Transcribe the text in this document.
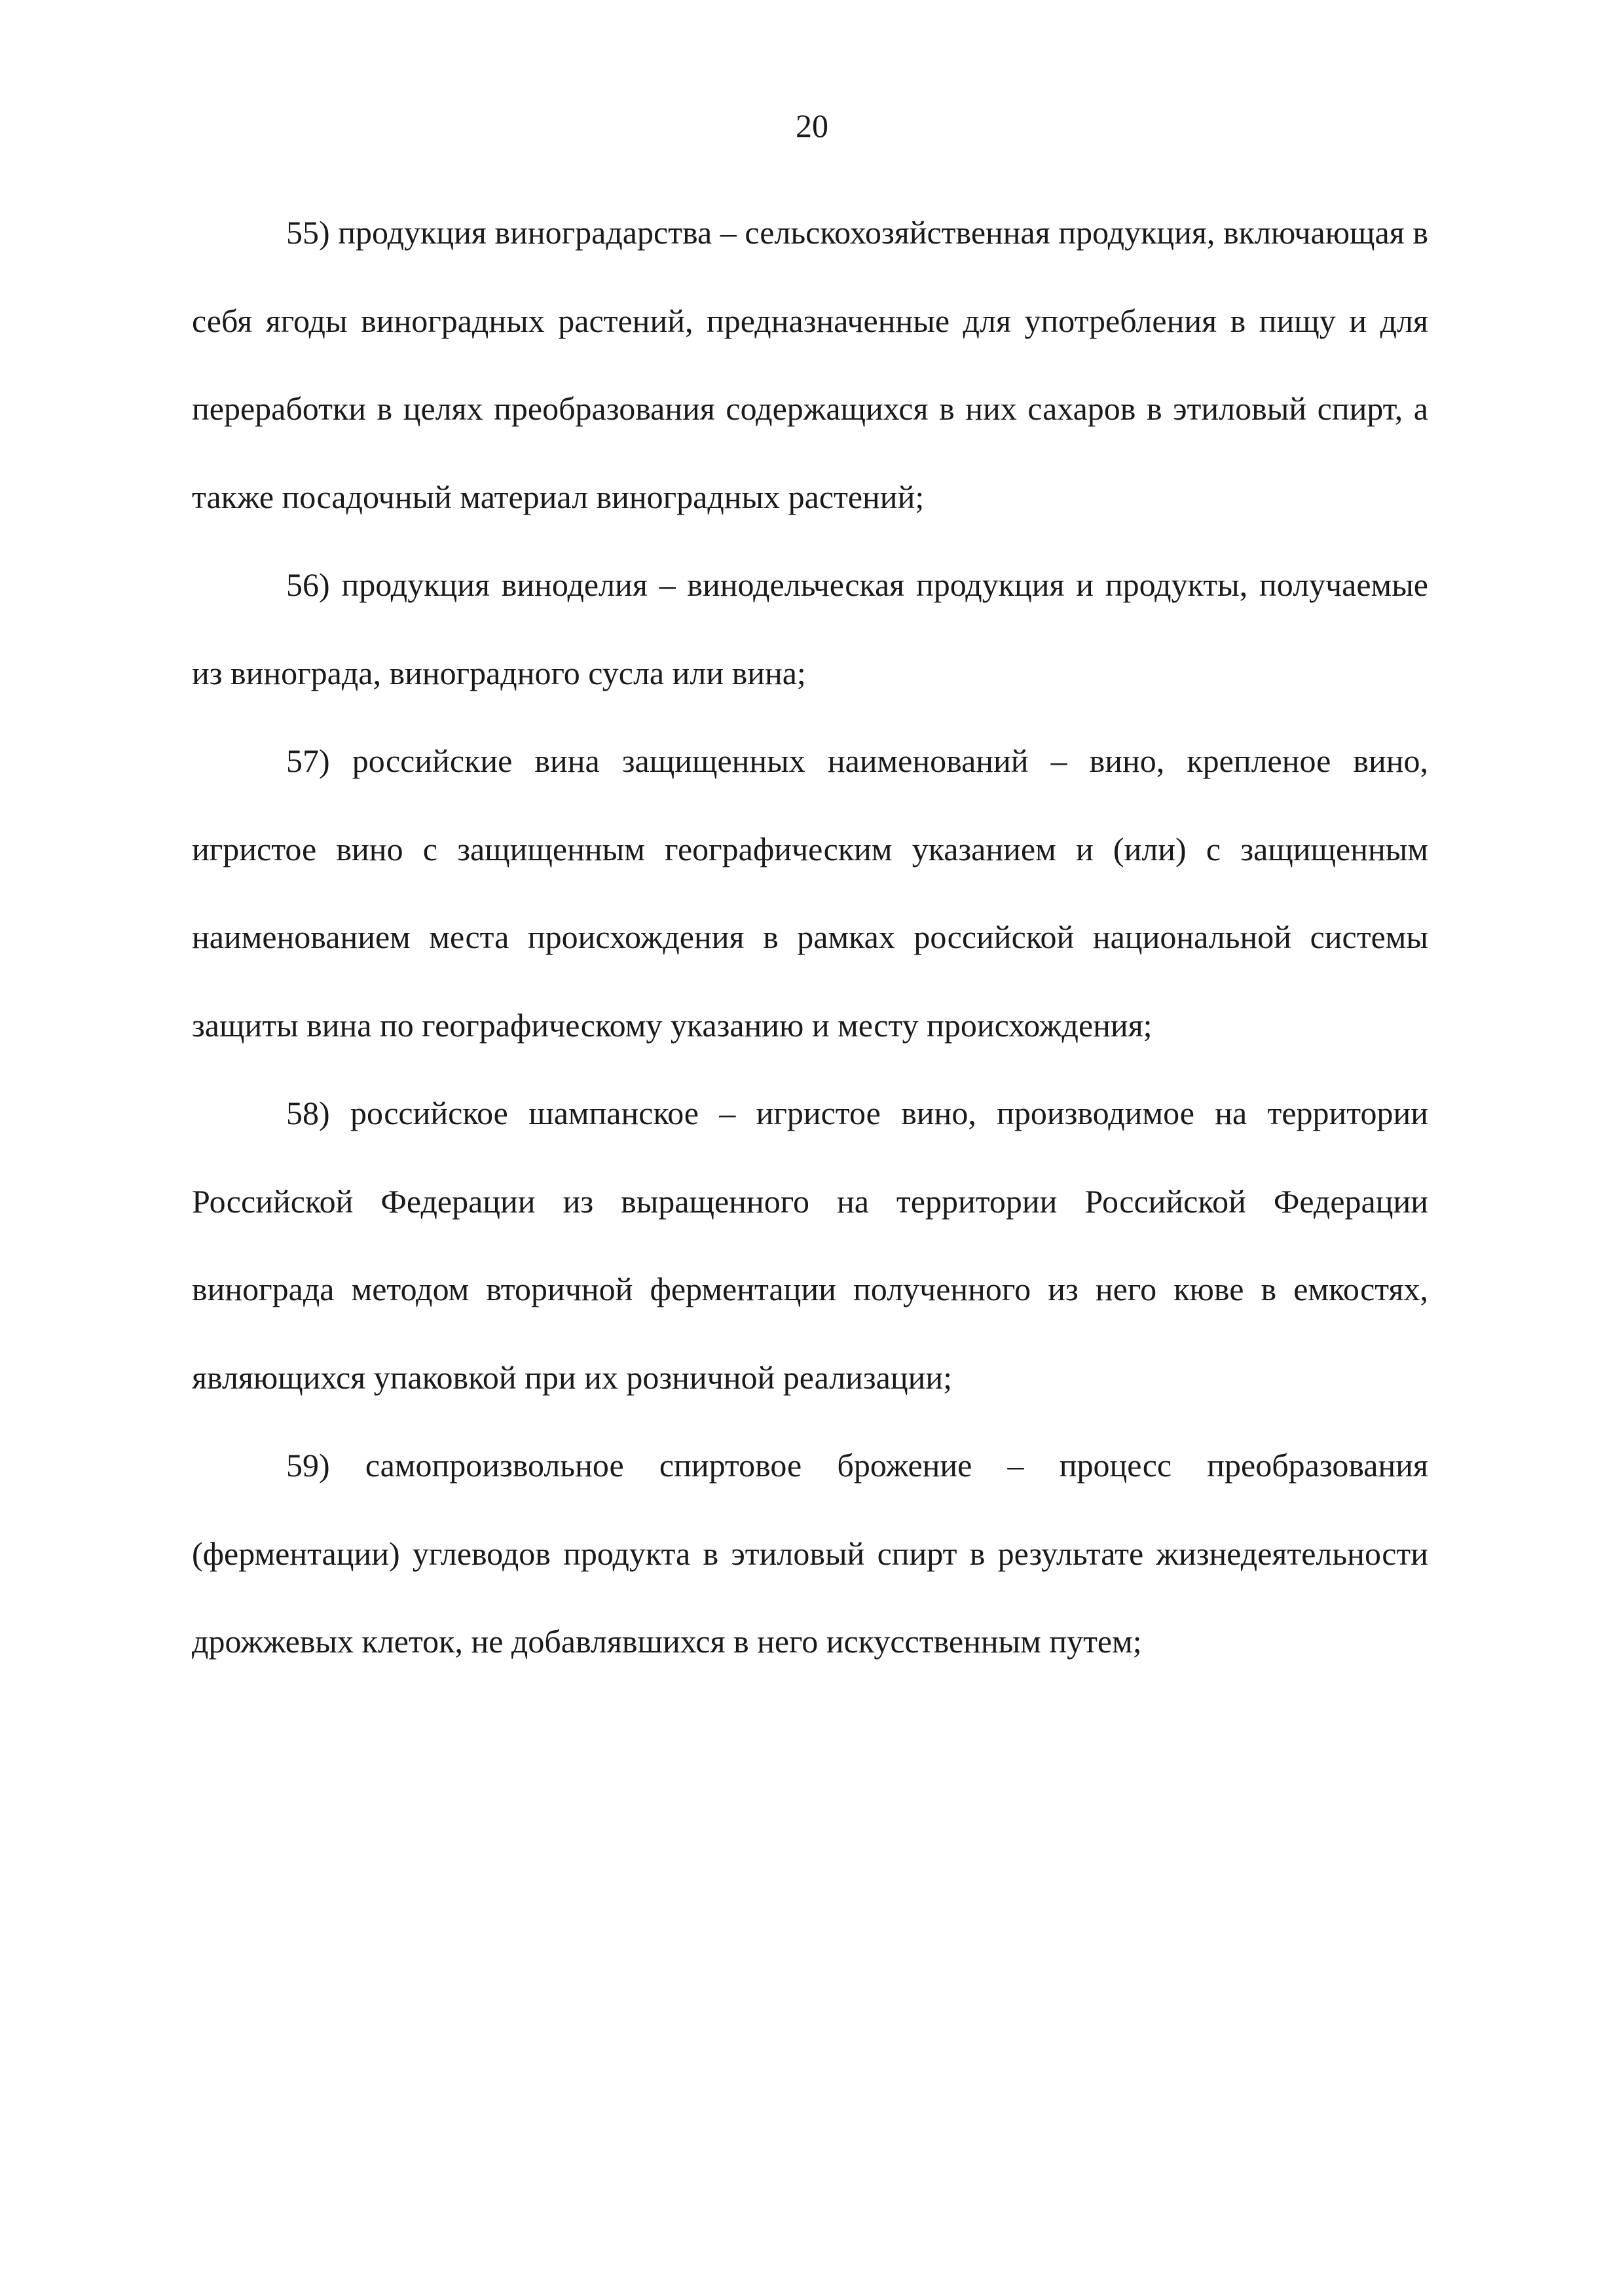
20

55) продукция виноградарства – сельскохозяйственная продукция, включающая в себя ягоды виноградных растений, предназначенные для употребления в пищу и для переработки в целях преобразования содержащихся в них сахаров в этиловый спирт, а также посадочный материал виноградных растений;

56) продукция виноделия – винодельческая продукция и продукты, получаемые из винограда, виноградного сусла или вина;

57) российские вина защищенных наименований – вино, крепленое вино, игристое вино с защищенным географическим указанием и (или) с защищенным наименованием места происхождения в рамках российской национальной системы защиты вина по географическому указанию и месту происхождения;

58) российское шампанское – игристое вино, производимое на территории Российской Федерации из выращенного на территории Российской Федерации винограда методом вторичной ферментации полученного из него кюве в емкостях, являющихся упаковкой при их розничной реализации;

59) самопроизвольное спиртовое брожение – процесс преобразования (ферментации) углеводов продукта в этиловый спирт в результате жизнедеятельности дрожжевых клеток, не добавлявшихся в него искусственным путем;
